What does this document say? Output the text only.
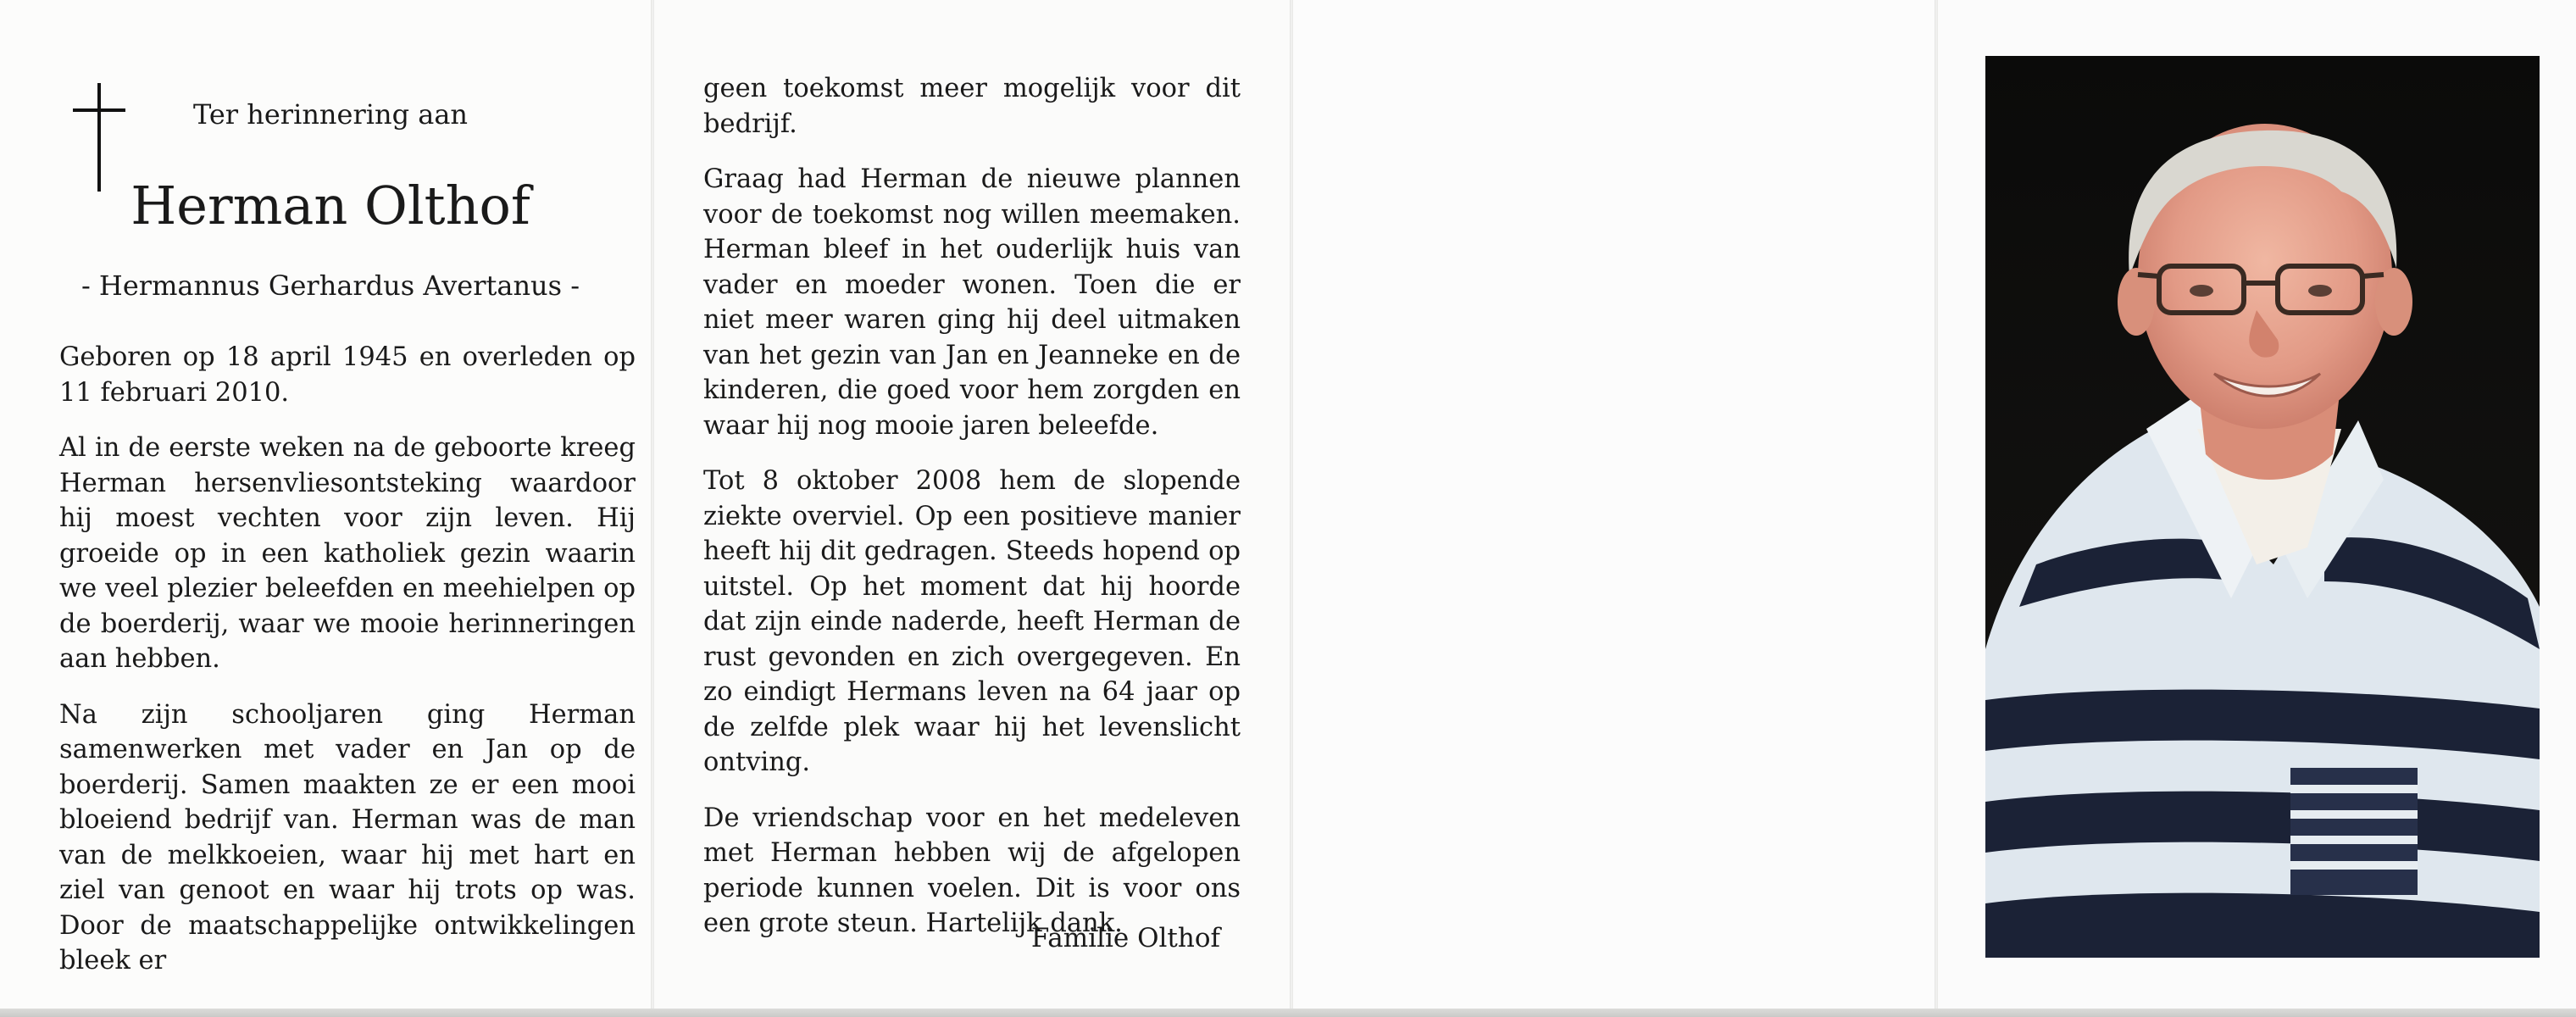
Ter herinnering aan
Herman Olthof
- Hermannus Gerhardus Avertanus -

Geboren op 18 april 1945 en overleden op 11 februari 2010.

Al in de eerste weken na de geboorte kreeg Herman hersenvliesontsteking waardoor hij moest vechten voor zijn leven. Hij groeide op in een katholiek gezin waarin we veel plezier beleefden en meehielpen op de boerderij, waar we mooie herinneringen aan hebben.

Na zijn schooljaren ging Herman samenwerken met vader en Jan op de boerderij. Samen maakten ze er een mooi bloeiend bedrijf van. Herman was de man van de melkkoeien, waar hij met hart en ziel van genoot en waar hij trots op was. Door de maatschappelijke ontwikkelingen bleek er

geen toekomst meer mogelijk voor dit bedrijf.

Graag had Herman de nieuwe plannen voor de toekomst nog willen meemaken. Herman bleef in het ouderlijk huis van vader en moeder wonen. Toen die er niet meer waren ging hij deel uitmaken van het gezin van Jan en Jeanneke en de kinderen, die goed voor hem zorgden en waar hij nog mooie jaren beleefde.

Tot 8 oktober 2008 hem de slopende ziekte overviel. Op een positieve manier heeft hij dit gedragen. Steeds hopend op uitstel. Op het moment dat hij hoorde dat zijn einde naderde, heeft Herman de rust gevonden en zich overgegeven. En zo eindigt Hermans leven na 64 jaar op de zelfde plek waar hij het levenslicht ontving.

De vriendschap voor en het medeleven met Herman hebben wij de afgelopen periode kunnen voelen. Dit is voor ons een grote steun. Hartelijk dank.

Familie Olthof
